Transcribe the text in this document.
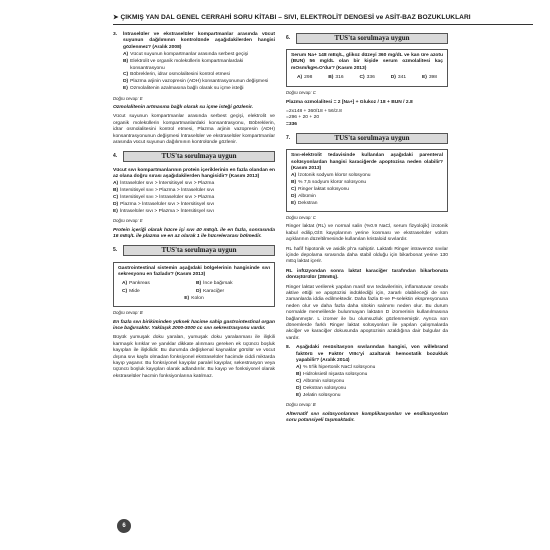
➤ ÇIKMIŞ YAN DAL GENEL CERRAHİ SORU KİTABI – SIVI, ELEKTROLİT DENGESİ ve ASİT-BAZ BOZUKLUKLARI
3.	İntraselüler ve ekstraselüler kompartmanlar arasında vücut suyunun dağılımının kontrolünde aşağıdakilerden hangisi gözlenmez? (Aralık 2008)
A) Vücut suyunun kompartmanlar arasında serbest geçişi
B) Elektrolit ve organik moleküllerin kompartmanlardaki konsantrasyonu
C) Böbreklerin, idrar osmolalitesini kontrol etmesi
D) Plazma arjinin vazopresin (ADH) konsantrasyonunun değişmesi
E) Ozmolalitenin azalmasına bağlı olarak su içme isteği
Doğru cevap: E
Ozmolalitenin artmasına bağlı olarak su içme isteği gözlenir.
Vücut suyunun kompartmanlar arasında serbest geçişi, elektrolit ve organik moleküllerin kompartmanlardaki konsantrasyonu, Böbreklerin, idrar osmolalitesini kontrol etmesi, Plazma arjinin vazopresin (ADH) konsantrasyonunun değişmesi İntraselüler ve ekstraselüler kompartmanlar arasında vücut suyunun dağılımının kontrolünde gözlenir.
4.	TUS'ta sorulmaya uygun
Vücut sıvı kompartmanlarının protein içeriklerinin en fazla olandan en az olana doğru sırası aşağıdakilerden hangisidir? (Kasım 2013)
A) İntraselüler sıvı > İntersitisyel sıvı > Plazma
B) İntersitisyel sıvı > Plazma > İntraselüler sıvı
C) İntersitisyel sıvı > İntraselüler sıvı > Plazma
D) Plazma > İntraselüler sıvı > İntersitisyel sıvı
E) İntraselüler sıvı > Plazma > İntersitisyel sıvı
Doğru cevap: E
Protein içeriği olarak hücre içi sıvı 40 mEq/L ile en fazla, sonrasında 16 mEq/L ile plazma ve en az olarak 1 ile hücrelerarası bölmedir.
5.	TUS'ta sorulmaya uygun
Gastrointestinal sistemin aşağıdaki bölgelerinin hangisinde sıvı sekresyonu en fazladır? (Kasım 2013)
A) Pankreas	B) İnce bağırsak
C) Mide	D) Karaciğer
E) Kolon
Doğru cevap: B
En fazla sıvı birikiminden yüksek hacime sahip gastrointestinal organ ince bağırsaktır. Yaklaşık 2000-3000 cc sıvı sekrestrasyonu vardır.
Büyük yumuşak doku yaraları, yumuşak doku yaralanması ile ilişkili karmaşık kırıklar ve yanıklar dikkate alınması gereken ek üçüncü boşluk kayıpları ile ilişkilidir. Bu durumda değişkenal kaynaklar görülür ve vücut dışına sıvı kaybı olmadan fonksiyonel ekstraselüler hacimde ciddi miktarda kayıp yaşanır. Bu fonksiyonel kayıplar paralel kayıplar, sekestrasyon veya üçüncü boşluk kayıpları olarak adlandırılır. Bu kayıp ve fonksiyonel olarak ekstraselüler hacmin fonksiyonlarına katılmaz.
6.	TUS'ta sorulmaya uygun
Serum Na+ 148 mEq/L, glikoz düzeyi 360 mg/dL ve kan üre azotu (BUN) 56 mg/dL olan bir kişide serum ozmolalitesi kaç mOsm/kgH₂O'dur? (Kasım 2013)
A) 298	B) 316	C) 336	D) 341	E) 398
Doğru cevap: C
Plazma ozmolalitesi = 2 [Na+] + Glukoz / 18 + BUN / 2.8
=2x148 + 360/18 + 56/2.8
=296 + 20 + 20
=336
7.	TUS'ta sorulmaya uygun
Sıvı-elektrolit tedavisinde kullanılan aşağıdaki parenteral solüsyonlardan hangisi karaciğerde apoptozisa neden olabilir? (Kasım 2013)
A) İzotonik sodyum klorür solüsyonu
B) % 7,5 sodyum klorür solüsyonu
C) Ringer laktat solüsyonu
D) Albümin
E) Dekstran
Doğru cevap: C
Ringer laktat (RL) ve normal salin (%0.9 NaCl, serum fizyolojik) izotonik kabul edilip,GİS kayıplarının yerine konması ve ekstraselüler volüm açıklarının düzeltilmesinde kullanılan kristaloid sıvılardır.
RL hafif hipotonik ve asidik ph'a sahiptir. Laktatlı Ringer intravenöz sıvılar içinde depolama sırasında daha stabil olduğu için bikarbonat yerine 130 mEq laktat içerir.
RL infüzyondan sonra laktat karaciğer tarafından bikarbonata dönüştürülür (28mEq).
Ringer laktat verilerek yapılan masif sıvı tedavilerinin, inflamatuvar cevabı aktive ettiği ve apoptozisi indüklediği için, zararlı olabileceği de son zamanlarda iddia edilmektedir. Daha fazla E-ve P-selektin ekspresyonuna neden olur ve daha fazla daha sitokin salınımı neden olur. Bu durum normalde memelilerde bulunmayan laktatın D izomerinin kullanılmasına bağlanmıştır. L izomer ile bu olumsuzluk gözlenmemiştir. Ayrıca son dönemlerde farklı Ringer laktat solüsyonları ile yapılan çalışmalarda akciğer ve karaciğer dokusunda apoptozisin azaldığına dair bulgular da vardır.
8.	Aşağıdaki resüsitasyon sıvılarından hangisi, von willebrand faktörü ve Faktör VIIIc'yi azaltarak hemostatik bozukluk yapabilir? (Aralık 2014)
A) % 5'lik hipertonik NaCl solüsyonu
B) Hidroksietil nişasta solüsyonu
C) Albümin solüsyonu
D) Dekstran solüsyonu
E) Jelatin solüsyonu
Doğru cevap: B
Alternatif sıvı solüsyonlarının komplikasyonları ve endikasyonları soru potansiyeli taşımaktadır.
6
